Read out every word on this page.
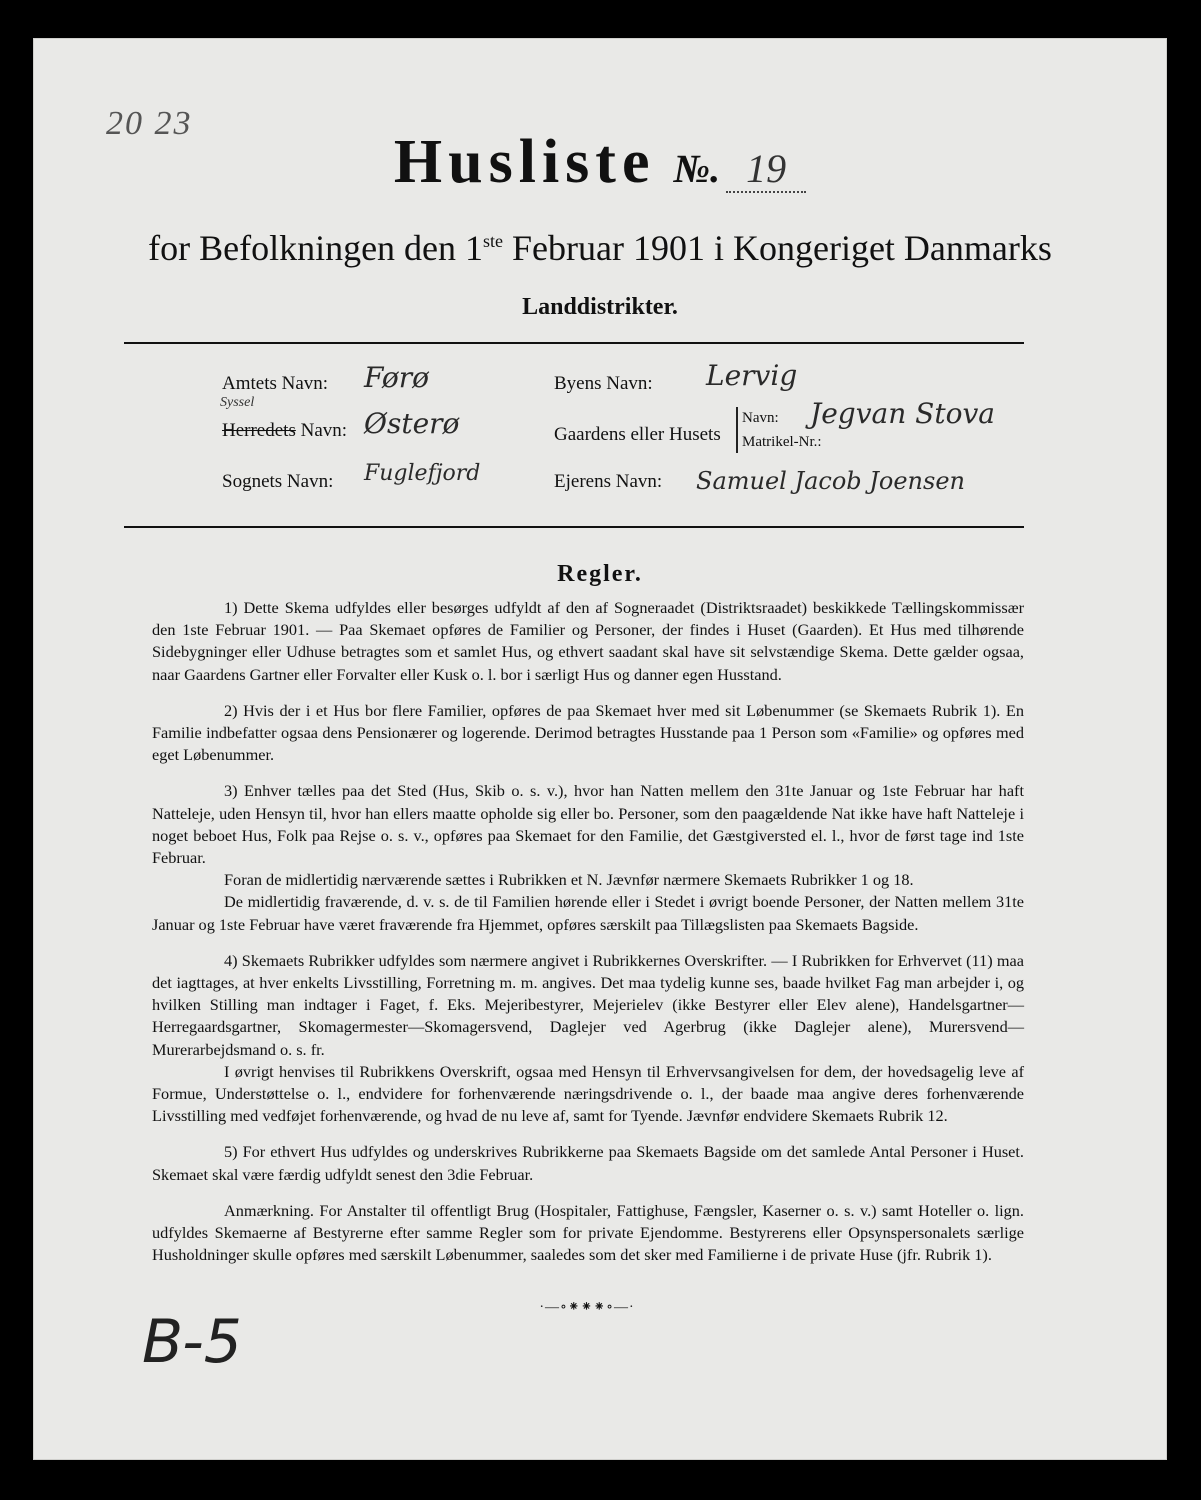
20 23
Husliste №. 19
for Befolkningen den 1ste Februar 1901 i Kongeriget Danmarks
Landdistrikter.
Amtets Navn: Førø
Syssel
Herredets Navn: Østerø
Sognets Navn: Fuglefjord
Byens Navn: Lervig
Gaardens eller Husets
Navn: Jegvan Stova
Matrikel-Nr.:
Ejerens Navn: Samuel Jacob Joensen
Regler.

1) Dette Skema udfyldes eller besørges udfyldt af den af Sogneraadet (Distriktsraadet) beskikkede Tællingskommissær den 1ste Februar 1901. — Paa Skemaet opføres de Familier og Personer, der findes i Huset (Gaarden). Et Hus med tilhørende Sidebygninger eller Udhuse betragtes som et samlet Hus, og ethvert saadant skal have sit selvstændige Skema. Dette gælder ogsaa, naar Gaardens Gartner eller Forvalter eller Kusk o. l. bor i særligt Hus og danner egen Husstand.

2) Hvis der i et Hus bor flere Familier, opføres de paa Skemaet hver med sit Løbenummer (se Skemaets Rubrik 1). En Familie indbefatter ogsaa dens Pensionærer og logerende. Derimod betragtes Husstande paa 1 Person som «Familie» og opføres med eget Løbenummer.

3) Enhver tælles paa det Sted (Hus, Skib o. s. v.), hvor han Natten mellem den 31te Januar og 1ste Februar har haft Natteleje, uden Hensyn til, hvor han ellers maatte opholde sig eller bo. Personer, som den paagældende Nat ikke have haft Natteleje i noget beboet Hus, Folk paa Rejse o. s. v., opføres paa Skemaet for den Familie, det Gæstgiversted el. l., hvor de først tage ind 1ste Februar.

Foran de midlertidig nærværende sættes i Rubrikken et N. Jævnfør nærmere Skemaets Rubrikker 1 og 18.

De midlertidig fraværende, d. v. s. de til Familien hørende eller i Stedet i øvrigt boende Personer, der Natten mellem 31te Januar og 1ste Februar have været fraværende fra Hjemmet, opføres særskilt paa Tillægslisten paa Skemaets Bagside.

4) Skemaets Rubrikker udfyldes som nærmere angivet i Rubrikkernes Overskrifter. — I Rubrikken for Erhvervet (11) maa det iagttages, at hver enkelts Livsstilling, Forretning m. m. angives. Det maa tydelig kunne ses, baade hvilket Fag man arbejder i, og hvilken Stilling man indtager i Faget, f. Eks. Mejeribestyrer, Mejerielev (ikke Bestyrer eller Elev alene), Handelsgartner—Herregaardsgartner, Skomagermester—Skomagersvend, Daglejer ved Agerbrug (ikke Daglejer alene), Murersvend—Murerarbejdsmand o. s. fr.

I øvrigt henvises til Rubrikkens Overskrift, ogsaa med Hensyn til Erhvervsangivelsen for dem, der hovedsagelig leve af Formue, Understøttelse o. l., endvidere for forhenværende næringsdrivende o. l., der baade maa angive deres forhenværende Livsstilling med vedføjet forhenværende, og hvad de nu leve af, samt for Tyende. Jævnfør endvidere Skemaets Rubrik 12.

5) For ethvert Hus udfyldes og underskrives Rubrikkerne paa Skemaets Bagside om det samlede Antal Personer i Huset. Skemaet skal være færdig udfyldt senest den 3die Februar.

Anmærkning. For Anstalter til offentligt Brug (Hospitaler, Fattighuse, Fængsler, Kaserner o. s. v.) samt Hoteller o. lign. udfyldes Skemaerne af Bestyrerne efter samme Regler som for private Ejendomme. Bestyrerens eller Opsynspersonalets særlige Husholdninger skulle opføres med særskilt Løbenummer, saaledes som det sker med Familierne i de private Huse (jfr. Rubrik 1).

·—∘⁕⁕⁕∘—·
B-5
